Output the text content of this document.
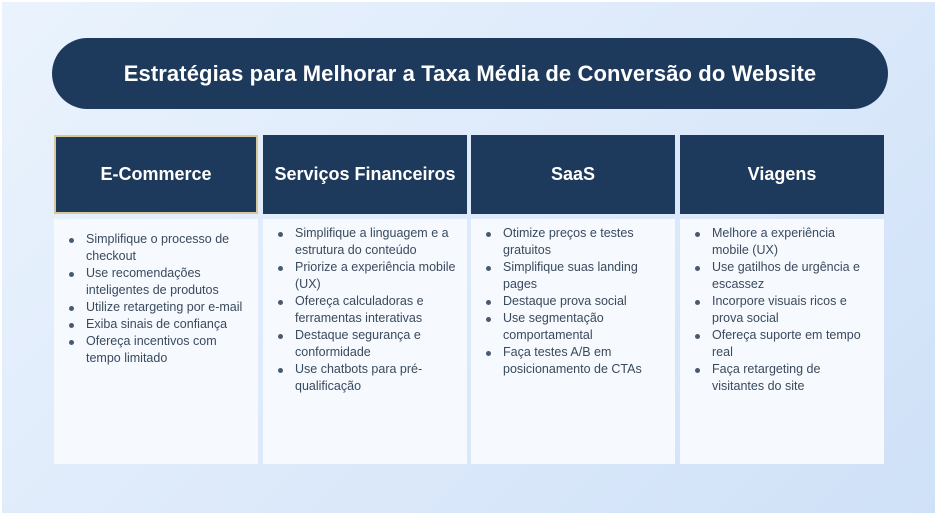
Estratégias para Melhorar a Taxa Média de Conversão do Website
E-Commerce
Simplifique o processo de checkout
Use recomendações inteligentes de produtos
Utilize retargeting por e-mail
Exiba sinais de confiança
Ofereça incentivos com tempo limitado
Serviços Financeiros
Simplifique a linguagem e a estrutura do conteúdo
Priorize a experiência mobile (UX)
Ofereça calculadoras e ferramentas interativas
Destaque segurança e conformidade
Use chatbots para pré-qualificação
SaaS
Otimize preços e testes gratuitos
Simplifique suas landing pages
Destaque prova social
Use segmentação comportamental
Faça testes A/B em posicionamento de CTAs
Viagens
Melhore a experiência mobile (UX)
Use gatilhos de urgência e escassez
Incorpore visuais ricos e prova social
Ofereça suporte em tempo real
Faça retargeting de visitantes do site
